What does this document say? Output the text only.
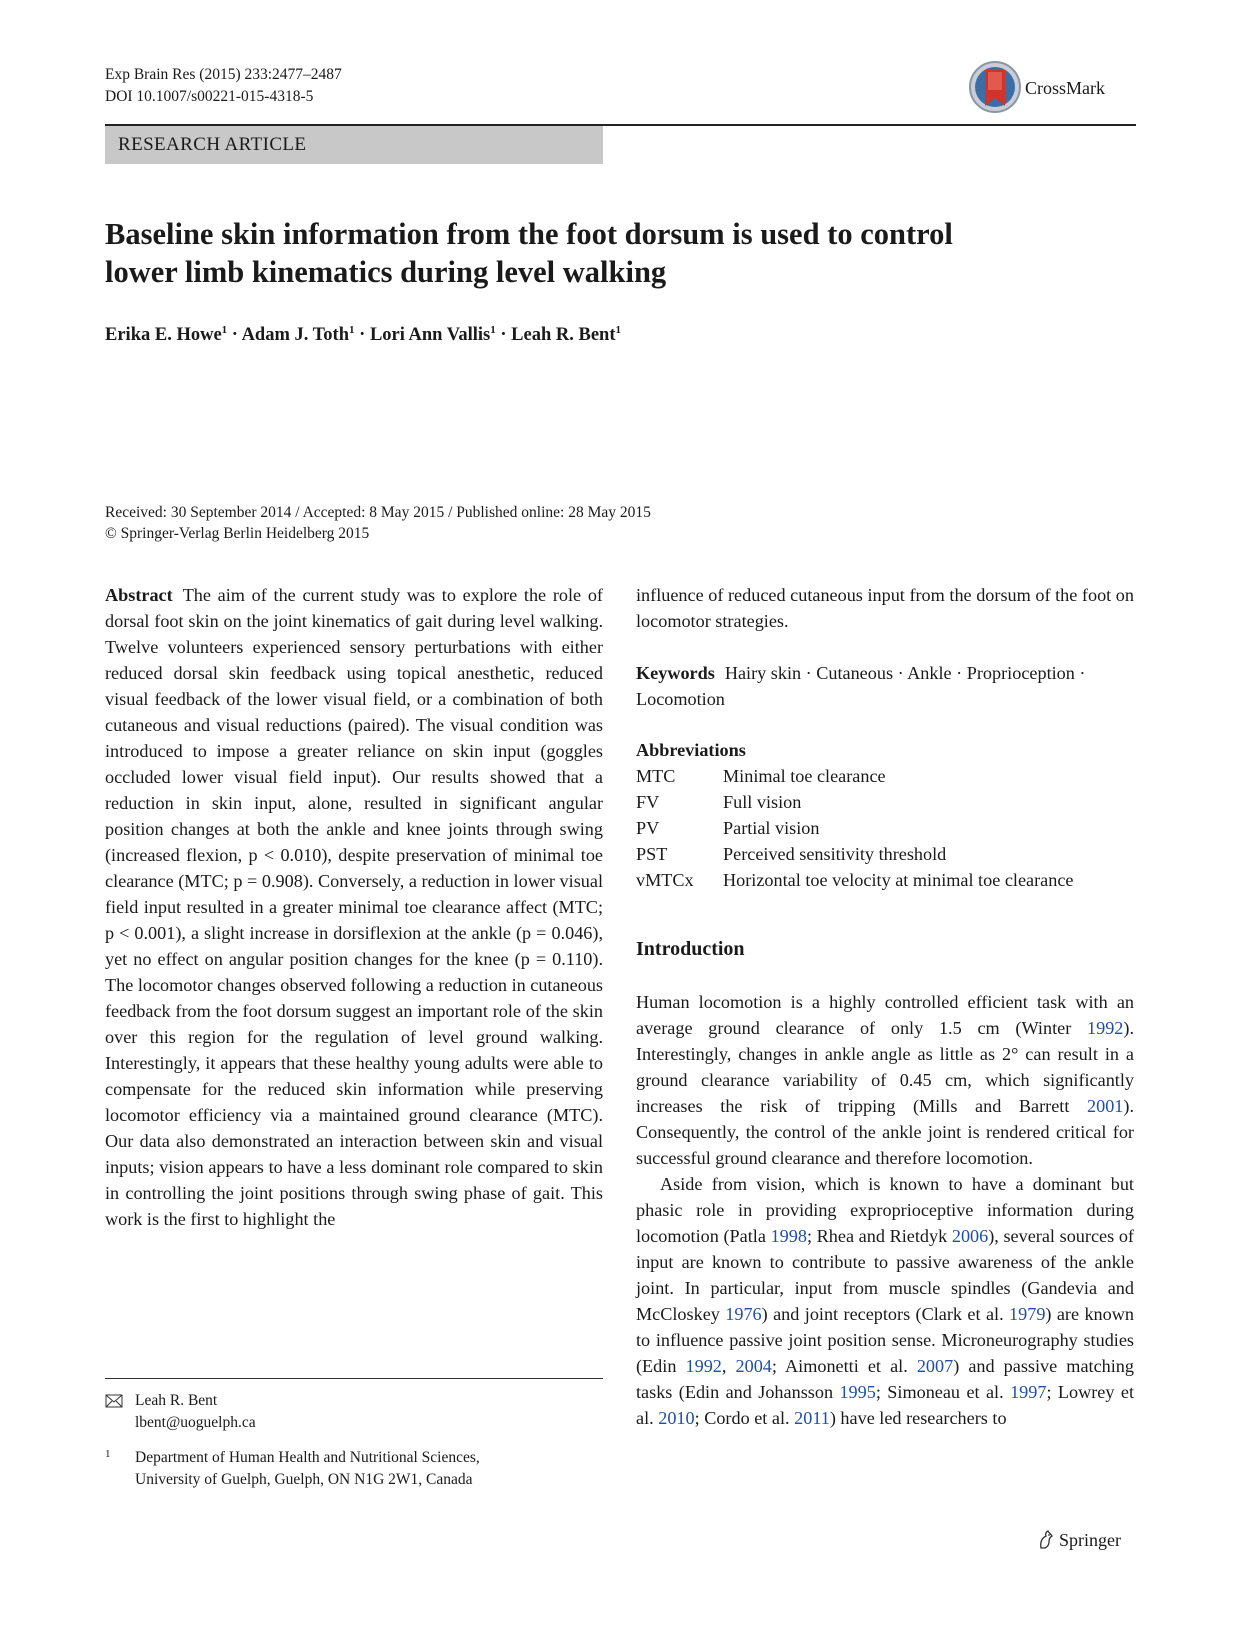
Exp Brain Res (2015) 233:2477–2487
DOI 10.1007/s00221-015-4318-5	CrossMark
RESEARCH ARTICLE
Baseline skin information from the foot dorsum is used to control
lower limb kinematics during level walking
Erika E. Howe$^1$ · Adam J. Toth$^1$ · Lori Ann Vallis$^1$ · Leah R. Bent$^1$
Received: 30 September 2014 / Accepted: 8 May 2015 / Published online: 28 May 2015
© Springer-Verlag Berlin Heidelberg 2015

Abstract The aim of the current study was to explore the role of dorsal foot skin on the joint kinematics of gait during level walking. Twelve volunteers experienced sensory perturbations with either reduced dorsal skin feedback using topical anesthetic, reduced visual feedback of the lower visual field, or a combination of both cutaneous and visual reductions (paired). The visual condition was introduced to impose a greater reliance on skin input (goggles occluded lower visual field input). Our results showed that a reduction in skin input, alone, resulted in significant angular position changes at both the ankle and knee joints through swing (increased flexion, p < 0.010), despite preservation of minimal toe clearance (MTC; p = 0.908). Conversely, a reduction in lower visual field input resulted in a greater minimal toe clearance affect (MTC; p < 0.001), a slight increase in dorsiflexion at the ankle (p = 0.046), yet no effect on angular position changes for the knee (p = 0.110). The locomotor changes observed following a reduction in cutaneous feedback from the foot dorsum suggest an important role of the skin over this region for the regulation of level ground walking. Interestingly, it appears that these healthy young adults were able to compensate for the reduced skin information while preserving locomotor efficiency via a maintained ground clearance (MTC). Our data also demonstrated an interaction between skin and visual inputs; vision appears to have a less dominant role compared to skin in controlling the joint positions through swing phase of gait. This work is the first to highlight the

influence of reduced cutaneous input from the dorsum of the foot on locomotor strategies.

Keywords Hairy skin · Cutaneous · Ankle · Proprioception · Locomotion

Abbreviations
MTC	Minimal toe clearance
FV	Full vision
PV	Partial vision
PST	Perceived sensitivity threshold
vMTCx	Horizontal toe velocity at minimal toe clearance
Introduction

Human locomotion is a highly controlled efficient task with an average ground clearance of only 1.5 cm (Winter 1992). Interestingly, changes in ankle angle as little as 2° can result in a ground clearance variability of 0.45 cm, which significantly increases the risk of tripping (Mills and Barrett 2001). Consequently, the control of the ankle joint is rendered critical for successful ground clearance and therefore locomotion.

Aside from vision, which is known to have a dominant but phasic role in providing exproprioceptive information during locomotion (Patla 1998; Rhea and Rietdyk 2006), several sources of input are known to contribute to passive awareness of the ankle joint. In particular, input from muscle spindles (Gandevia and McCloskey 1976) and joint receptors (Clark et al. 1979) are known to influence passive joint position sense. Microneurography studies (Edin 1992, 2004; Aimonetti et al. 2007) and passive matching tasks (Edin and Johansson 1995; Simoneau et al. 1997; Lowrey et al. 2010; Cordo et al. 2011) have led researchers to

Leah R. Bent
lbent@uoguelph.ca
1 Department of Human Health and Nutritional Sciences,
University of Guelph, Guelph, ON N1G 2W1, Canada
Springer
